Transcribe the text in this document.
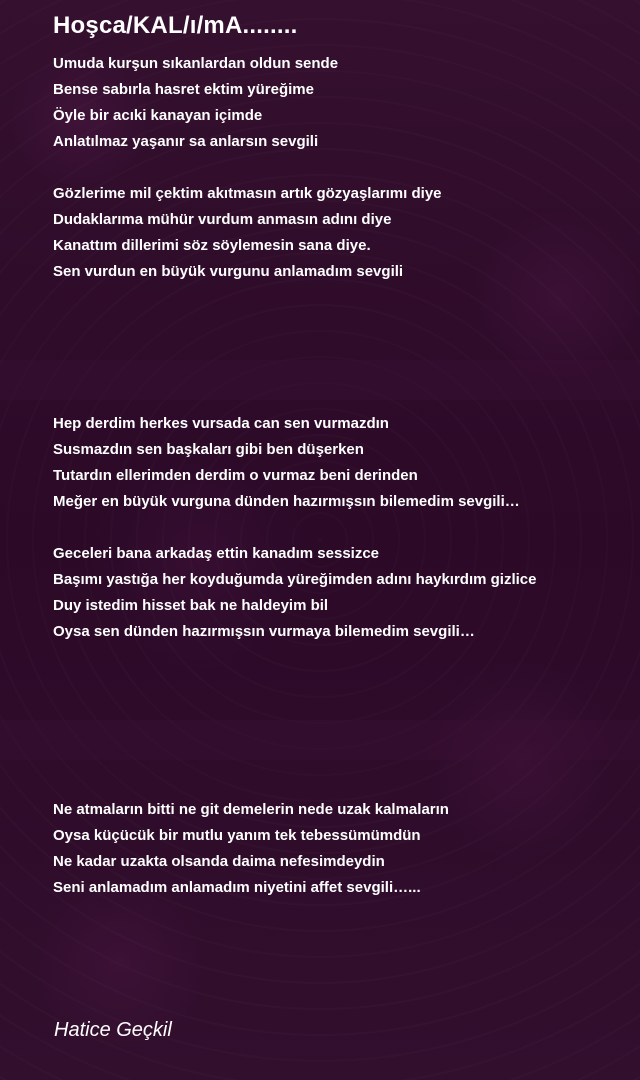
Hoşca/KAL/ı/mA........
Umuda kurşun sıkanlardan oldun sende
Bense sabırla hasret ektim yüreğime
Öyle bir acıki kanayan içimde
Anlatılmaz yaşanır sa anlarsın sevgili
Gözlerime mil çektim akıtmasın artık gözyaşlarımı diye
Dudaklarıma mühür vurdum anmasın adını diye
Kanattım dillerimi söz söylemesin sana diye.
Sen vurdun en büyük vurgunu anlamadım sevgili
Hep derdim herkes vursada can sen vurmazdın
Susmazdın sen başkaları gibi ben düşerken
Tutardın ellerimden derdim o vurmaz beni derinden
Meğer en büyük vurguna dünden hazırmışsın bilemedim sevgili…
Geceleri bana arkadaş ettin kanadım sessizce
Başımı yastığa her koyduğumda yüreğimden adını haykırdım gizlice
Duy istedim hisset bak ne haldeyim bil
Oysa sen dünden hazırmışsın vurmaya bilemedim sevgili…
Ne atmaların bitti ne git demelerin nede uzak kalmaların
Oysa küçücük bir mutlu yanım tek tebessümümdün
Ne kadar uzakta olsanda daima nefesimdeydin
Seni anlamadım anlamadım niyetini affet sevgili…...
Hatice Geçkil
